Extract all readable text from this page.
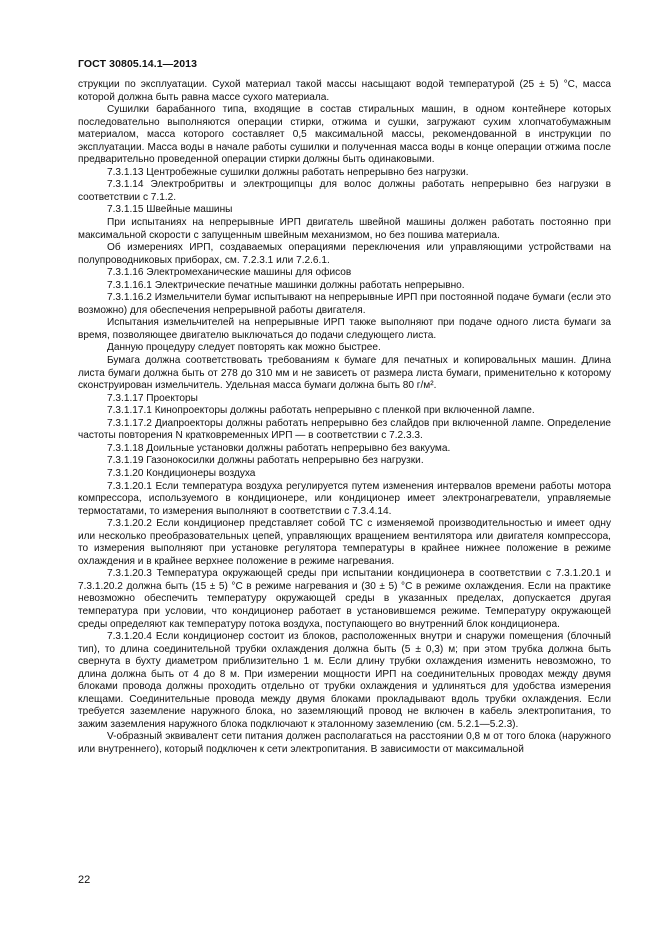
ГОСТ 30805.14.1—2013

струкции по эксплуатации. Сухой материал такой массы насыщают водой температурой (25 ± 5) °С, масса которой должна быть равна массе сухого материала.

Сушилки барабанного типа, входящие в состав стиральных машин, в одном контейнере которых последовательно выполняются операции стирки, отжима и сушки, загружают сухим хлопчатобумажным материалом, масса которого составляет 0,5 максимальной массы, рекомендованной в инструкции по эксплуатации. Масса воды в начале работы сушилки и полученная масса воды в конце операции отжима после предварительно проведенной операции стирки должны быть одинаковыми.

7.3.1.13 Центробежные сушилки должны работать непрерывно без нагрузки.

7.3.1.14 Электробритвы и электрощипцы для волос должны работать непрерывно без нагрузки в соответствии с 7.1.2.

7.3.1.15 Швейные машины

При испытаниях на непрерывные ИРП двигатель швейной машины должен работать постоянно при максимальной скорости с запущенным швейным механизмом, но без пошива материала.

Об измерениях ИРП, создаваемых операциями переключения или управляющими устройствами на полупроводниковых приборах, см. 7.2.3.1 или 7.2.6.1.

7.3.1.16 Электромеханические машины для офисов

7.3.1.16.1 Электрические печатные машинки должны работать непрерывно.

7.3.1.16.2 Измельчители бумаг испытывают на непрерывные ИРП при постоянной подаче бумаги (если это возможно) для обеспечения непрерывной работы двигателя.

Испытания измельчителей на непрерывные ИРП также выполняют при подаче одного листа бумаги за время, позволяющее двигателю выключаться до подачи следующего листа.

Данную процедуру следует повторять как можно быстрее.

Бумага должна соответствовать требованиям к бумаге для печатных и копировальных машин. Длина листа бумаги должна быть от 278 до 310 мм и не зависеть от размера листа бумаги, применительно к которому сконструирован измельчитель. Удельная масса бумаги должна быть 80 г/м².

7.3.1.17 Проекторы

7.3.1.17.1 Кинопроекторы должны работать непрерывно с пленкой при включенной лампе.

7.3.1.17.2 Диапроекторы должны работать непрерывно без слайдов при включенной лампе. Определение частоты повторения N кратковременных ИРП — в соответствии с 7.2.3.3.

7.3.1.18 Доильные установки должны работать непрерывно без вакуума.

7.3.1.19 Газонокосилки должны работать непрерывно без нагрузки.

7.3.1.20 Кондиционеры воздуха

7.3.1.20.1 Если температура воздуха регулируется путем изменения интервалов времени работы мотора компрессора, используемого в кондиционере, или кондиционер имеет электронагреватели, управляемые термостатами, то измерения выполняют в соответствии с 7.3.4.14.

7.3.1.20.2 Если кондиционер представляет собой ТС с изменяемой производительностью и имеет одну или несколько преобразовательных цепей, управляющих вращением вентилятора или двигателя компрессора, то измерения выполняют при установке регулятора температуры в крайнее нижнее положение в режиме охлаждения и в крайнее верхнее положение в режиме нагревания.

7.3.1.20.3 Температура окружающей среды при испытании кондиционера в соответствии с 7.3.1.20.1 и 7.3.1.20.2 должна быть (15 ± 5) °С в режиме нагревания и (30 ± 5) °С в режиме охлаждения. Если на практике невозможно обеспечить температуру окружающей среды в указанных пределах, допускается другая температура при условии, что кондиционер работает в установившемся режиме. Температуру окружающей среды определяют как температуру потока воздуха, поступающего во внутренний блок кондиционера.

7.3.1.20.4 Если кондиционер состоит из блоков, расположенных внутри и снаружи помещения (блочный тип), то длина соединительной трубки охлаждения должна быть (5 ± 0,3) м; при этом трубка должна быть свернута в бухту диаметром приблизительно 1 м. Если длину трубки охлаждения изменить невозможно, то длина должна быть от 4 до 8 м. При измерении мощности ИРП на соединительных проводах между двумя блоками провода должны проходить отдельно от трубки охлаждения и удлиняться для удобства измерения клещами. Соединительные провода между двумя блоками прокладывают вдоль трубки охлаждения. Если требуется заземление наружного блока, но заземляющий провод не включен в кабель электропитания, то зажим заземления наружного блока подключают к эталонному заземлению (см. 5.2.1—5.2.3).

V-образный эквивалент сети питания должен располагаться на расстоянии 0,8 м от того блока (наружного или внутреннего), который подключен к сети электропитания. В зависимости от максимальной

22
